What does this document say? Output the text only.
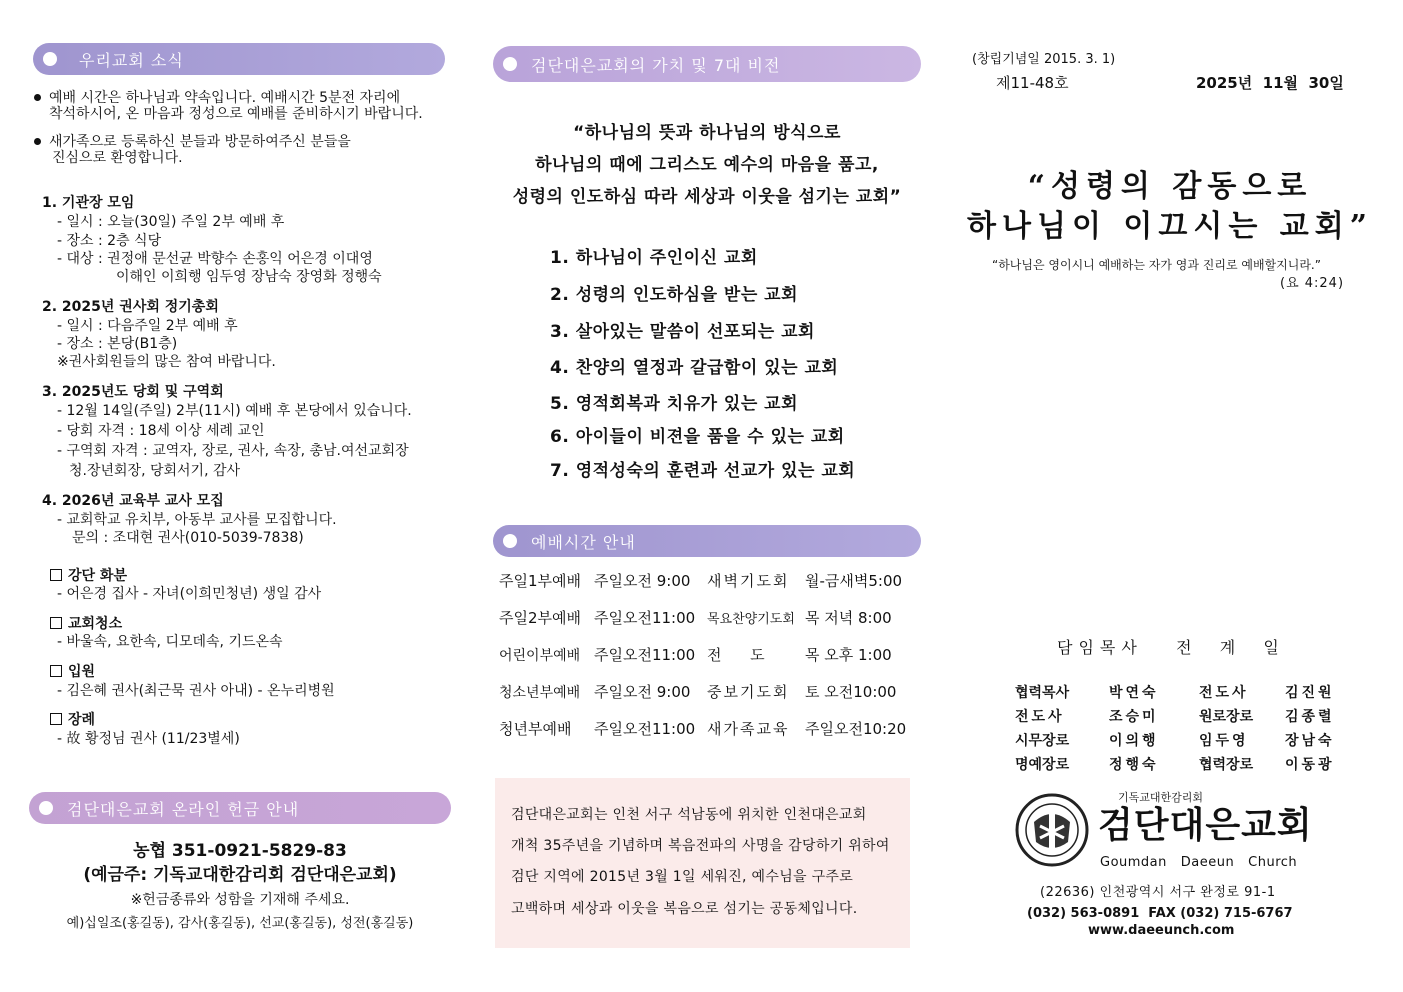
우리교회 소식
예배 시간은 하나님과 약속입니다. 예배시간 5분전 자리에
착석하시어, 온 마음과 정성으로 예배를 준비하시기 바랍니다.
새가족으로 등록하신 분들과 방문하여주신 분들을
진심으로 환영합니다.
1. 기관장 모임
- 일시 : 오늘(30일) 주일 2부 예배 후
- 장소 : 2층 식당
- 대상 : 권정애 문선균 박향수 손홍익 어은경 이대영
이해인 이희행 임두영 장남숙 장영화 정행숙
2. 2025년 권사회 정기총회
- 일시 : 다음주일 2부 예배 후
- 장소 : 본당(B1층)
※권사회원들의 많은 참여 바랍니다.
3. 2025년도 당회 및 구역회
- 12월 14일(주일) 2부(11시) 예배 후 본당에서 있습니다.
- 당회 자격 : 18세 이상 세례 교인
- 구역회 자격 : 교역자, 장로, 권사, 속장, 총남.여선교회장
청.장년회장, 당회서기, 감사
4. 2026년 교육부 교사 모집
- 교회학교 유치부, 아동부 교사를 모집합니다.
문의 : 조대현 권사(010-5039-7838)
강단 화분
- 어은경 집사 - 자녀(이희민청년) 생일 감사
교회청소
- 바울속, 요한속, 디모데속, 기드온속
입원
- 김은혜 권사(최근묵 권사 아내) - 온누리병원
장례
- 故 황정님 권사 (11/23별세)
검단대은교회 온라인 헌금 안내
농협 351-0921-5829-83
(예금주: 기독교대한감리회 검단대은교회)
※헌금종류와 성함을 기재해 주세요.
예)십일조(홍길동), 감사(홍길동), 선교(홍길동), 성전(홍길동)
검단대은교회의 가치 및 7대 비전
“하나님의 뜻과 하나님의 방식으로
하나님의 때에 그리스도 예수의 마음을 품고,
성령의 인도하심 따라 세상과 이웃을 섬기는 교회”
1. 하나님이 주인이신 교회
2. 성령의 인도하심을 받는 교회
3. 살아있는 말씀이 선포되는 교회
4. 찬양의 열정과 갈급함이 있는 교회
5. 영적회복과 치유가 있는 교회
6. 아이들이 비젼을 품을 수 있는 교회
7. 영적성숙의 훈련과 선교가 있는 교회
예배시간 안내
주일1부예배	주일오전 9:00	새벽기도회	월-금새벽5:00
주일2부예배	주일오전11:00	목요찬양기도회	목 저녁 8:00
어린이부예배	주일오전11:00	전      도	목 오후 1:00
청소년부예배	주일오전 9:00	중보기도회	토 오전10:00
청년부예배	주일오전11:00	새가족교육	주일오전10:20
검단대은교회는 인천 서구 석남동에 위치한 인천대은교회
개척 35주년을 기념하며 복음전파의 사명을 감당하기 위하여
검단 지역에 2015년 3월 1일 세워진, 예수님을 구주로
고백하며 세상과 이웃을 복음으로 섬기는 공동체입니다.
(창립기념일 2015. 3. 1)
제11-48호	2025년  11월  30일
“성령의 감동으로
하나님이 이끄시는 교회”
“하나님은 영이시니 예배하는 자가 영과 진리로 예배할지니라.”
(요 4:24)
담임목사   전  계  일
협력목사	박연숙	전도사	김진원
전도사	조승미	원로장로	김종렬
시무장로	이의행	임두영	장남숙
명예장로	정행숙	협력장로	이동광
기독교대한감리회
검단대은교회
Goumdan   Daeeun   Church
(22636) 인천광역시 서구 완정로 91-1
(032) 563-0891  FAX (032) 715-6767
www.daeeunch.com
